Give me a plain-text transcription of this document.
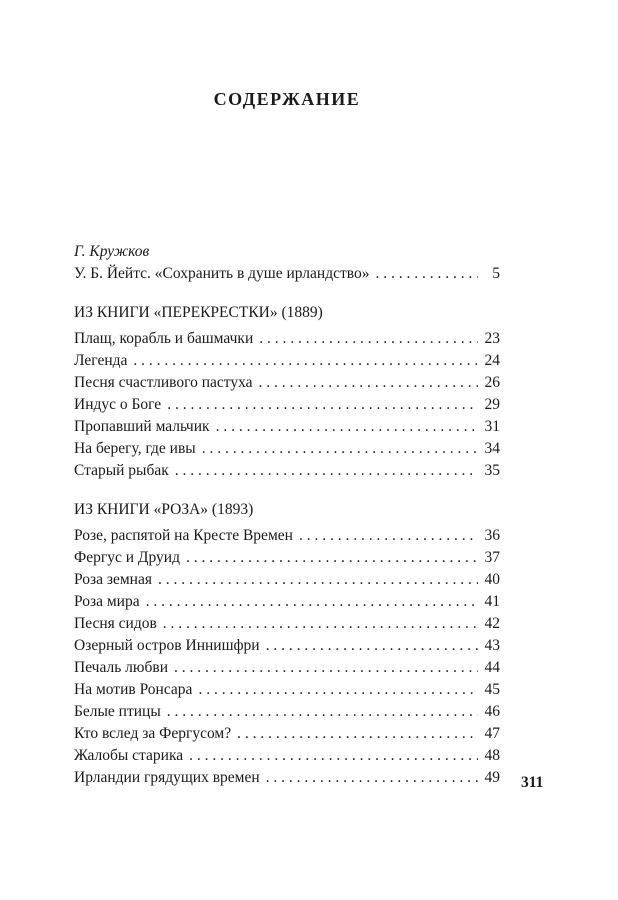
СОДЕРЖАНИЕ
Г. Кружков
У. Б. Йейтс. «Сохранить в душе ирландство» . . .	5
ИЗ КНИГИ «ПЕРЕКРЕСТКИ» (1889)
Плащ, корабль и башмачки . . .	23
Легенда . . .	24
Песня счастливого пастуха . . .	26
Индус о Боге . . .	29
Пропавший мальчик . . .	31
На берегу, где ивы . . .	34
Старый рыбак . . .	35
ИЗ КНИГИ «РОЗА» (1893)
Розе, распятой на Кресте Времен . . .	36
Фергус и Друид . . .	37
Роза земная . . .	40
Роза мира . . .	41
Песня сидов . . .	42
Озерный остров Иннишфри . . .	43
Печаль любви . . .	44
На мотив Ронсара . . .	45
Белые птицы . . .	46
Кто вслед за Фергусом? . . .	47
Жалобы старика . . .	48
Ирландии грядущих времен . . .	49 311
